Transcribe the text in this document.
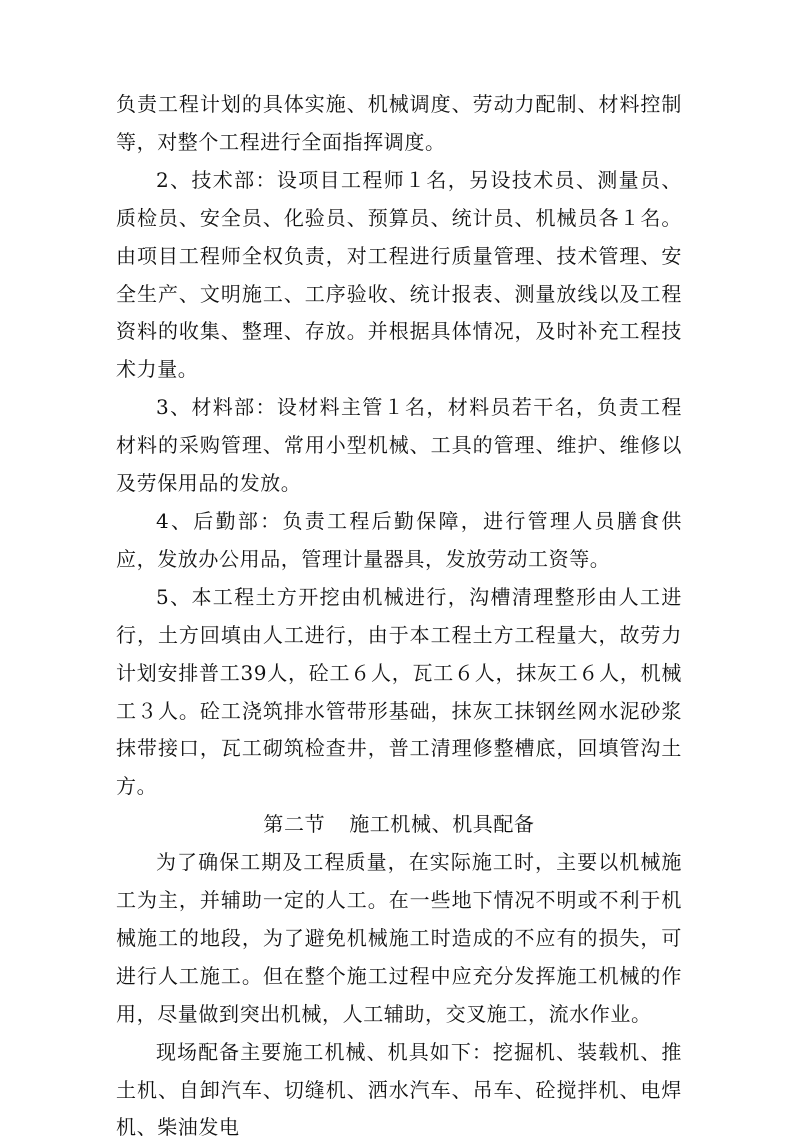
负责工程计划的具体实施、机械调度、劳动力配制、材料控制等，对整个工程进行全面指挥调度。

2、技术部：设项目工程师１名，另设技术员、测量员、质检员、安全员、化验员、预算员、统计员、机械员各１名。由项目工程师全权负责，对工程进行质量管理、技术管理、安全生产、文明施工、工序验收、统计报表、测量放线以及工程资料的收集、整理、存放。并根据具体情况，及时补充工程技术力量。

3、材料部：设材料主管１名，材料员若干名，负责工程材料的采购管理、常用小型机械、工具的管理、维护、维修以及劳保用品的发放。

4、后勤部：负责工程后勤保障，进行管理人员膳食供应，发放办公用品，管理计量器具，发放劳动工资等。

5、本工程土方开挖由机械进行，沟槽清理整形由人工进行，土方回填由人工进行，由于本工程土方工程量大，故劳力计划安排普工39人，砼工６人，瓦工６人，抹灰工６人，机械工３人。砼工浇筑排水管带形基础，抹灰工抹钢丝网水泥砂浆抹带接口，瓦工砌筑检查井，普工清理修整槽底，回填管沟土方。

第二节 施工机械、机具配备

为了确保工期及工程质量，在实际施工时，主要以机械施工为主，并辅助一定的人工。在一些地下情况不明或不利于机械施工的地段，为了避免机械施工时造成的不应有的损失，可进行人工施工。但在整个施工过程中应充分发挥施工机械的作用，尽量做到突出机械，人工辅助，交叉施工，流水作业。

现场配备主要施工机械、机具如下：挖掘机、装载机、推土机、自卸汽车、切缝机、洒水汽车、吊车、砼搅拌机、电焊机、柴油发电
